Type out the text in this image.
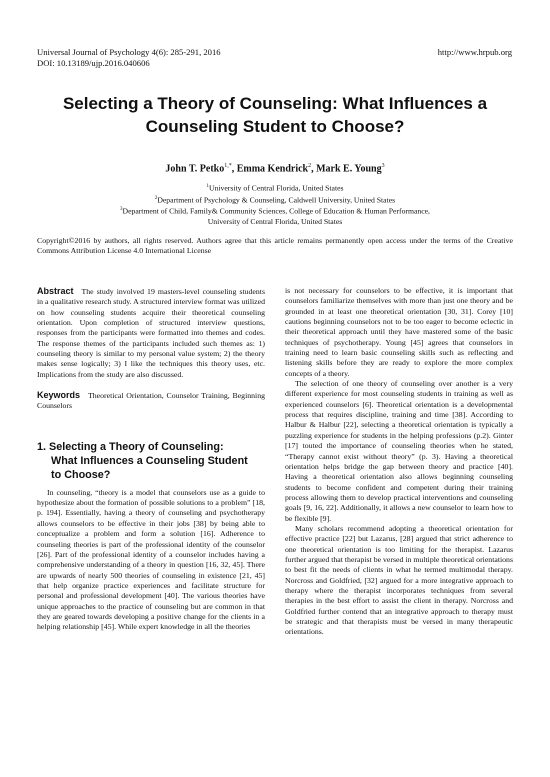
Universal Journal of Psychology 4(6): 285-291, 2016
DOI: 10.13189/ujp.2016.040606
http://www.hrpub.org
Selecting a Theory of Counseling: What Influences a Counseling Student to Choose?
John T. Petko$^{1,*}$, Emma Kendrick$^2$, Mark E. Young$^3$
$^1$University of Central Florida, United States
$^2$Department of Psychology & Counseling, Caldwell University, United States
$^3$Department of Child, Family& Community Sciences, College of Education & Human Performance,
University of Central Florida, United States
Copyright©2016 by authors, all rights reserved. Authors agree that this article remains permanently open access under the terms of the Creative Commons Attribution License 4.0 International License

Abstract The study involved 19 masters-level counseling students in a qualitative research study. A structured interview format was utilized on how counseling students acquire their theoretical counseling orientation. Upon completion of structured interview questions, responses from the participants were formatted into themes and codes. The response themes of the participants included such themes as: 1) counseling theory is similar to my personal value system; 2) the theory makes sense logically; 3) I like the techniques this theory uses, etc. Implications from the study are also discussed.

Keywords Theoretical Orientation, Counselor Training, Beginning Counselors

1. Selecting a Theory of Counseling:
What Influences a Counseling Student
to Choose?

In counseling, “theory is a model that counselors use as a guide to hypothesize about the formation of possible solutions to a problem” [18, p. 194]. Essentially, having a theory of counseling and psychotherapy allows counselors to be effective in their jobs [38] by being able to conceptualize a problem and form a solution [16]. Adherence to counseling theories is part of the professional identity of the counselor [26]. Part of the professional identity of a counselor includes having a comprehensive understanding of a theory in question [16, 32, 45]. There are upwards of nearly 500 theories of counseling in existence [21, 45] that help organize practice experiences and facilitate structure for personal and professional development [40]. The various theories have unique approaches to the practice of counseling but are common in that they are geared towards developing a positive change for the clients in a helping relationship [45]. While expert knowledge in all the theories

is not necessary for counselors to be effective, it is important that counselors familiarize themselves with more than just one theory and be grounded in at least one theoretical orientation [30, 31]. Corey [10] cautions beginning counselors not to be too eager to become eclectic in their theoretical approach until they have mastered some of the basic techniques of psychotherapy. Young [45] agrees that counselors in training need to learn basic counseling skills such as reflecting and listening skills before they are ready to explore the more complex concepts of a theory.

The selection of one theory of counseling over another is a very different experience for most counseling students in training as well as experienced counselors [6]. Theoretical orientation is a developmental process that requires discipline, training and time [38]. According to Halbur & Halbur [22], selecting a theoretical orientation is typically a puzzling experience for students in the helping professions (p.2). Ginter [17] touted the importance of counseling theories when he stated, “Therapy cannot exist without theory” (p. 3). Having a theoretical orientation helps bridge the gap between theory and practice [40]. Having a theoretical orientation also allows beginning counseling students to become confident and competent during their training process allowing them to develop practical interventions and counseling goals [9, 16, 22]. Additionally, it allows a new counselor to learn how to be flexible [9].

Many scholars recommend adopting a theoretical orientation for effective practice [22] but Lazarus, [28] argued that strict adherence to one theoretical orientation is too limiting for the therapist. Lazarus further argued that therapist be versed in multiple theoretical orientations to best fit the needs of clients in what he termed multimodal therapy. Norcross and Goldfried, [32] argued for a more integrative approach to therapy where the therapist incorporates techniques from several therapies in the best effort to assist the client in therapy. Norcross and Goldfried further contend that an integrative approach to therapy must be strategic and that therapists must be versed in many therapeutic orientations.
